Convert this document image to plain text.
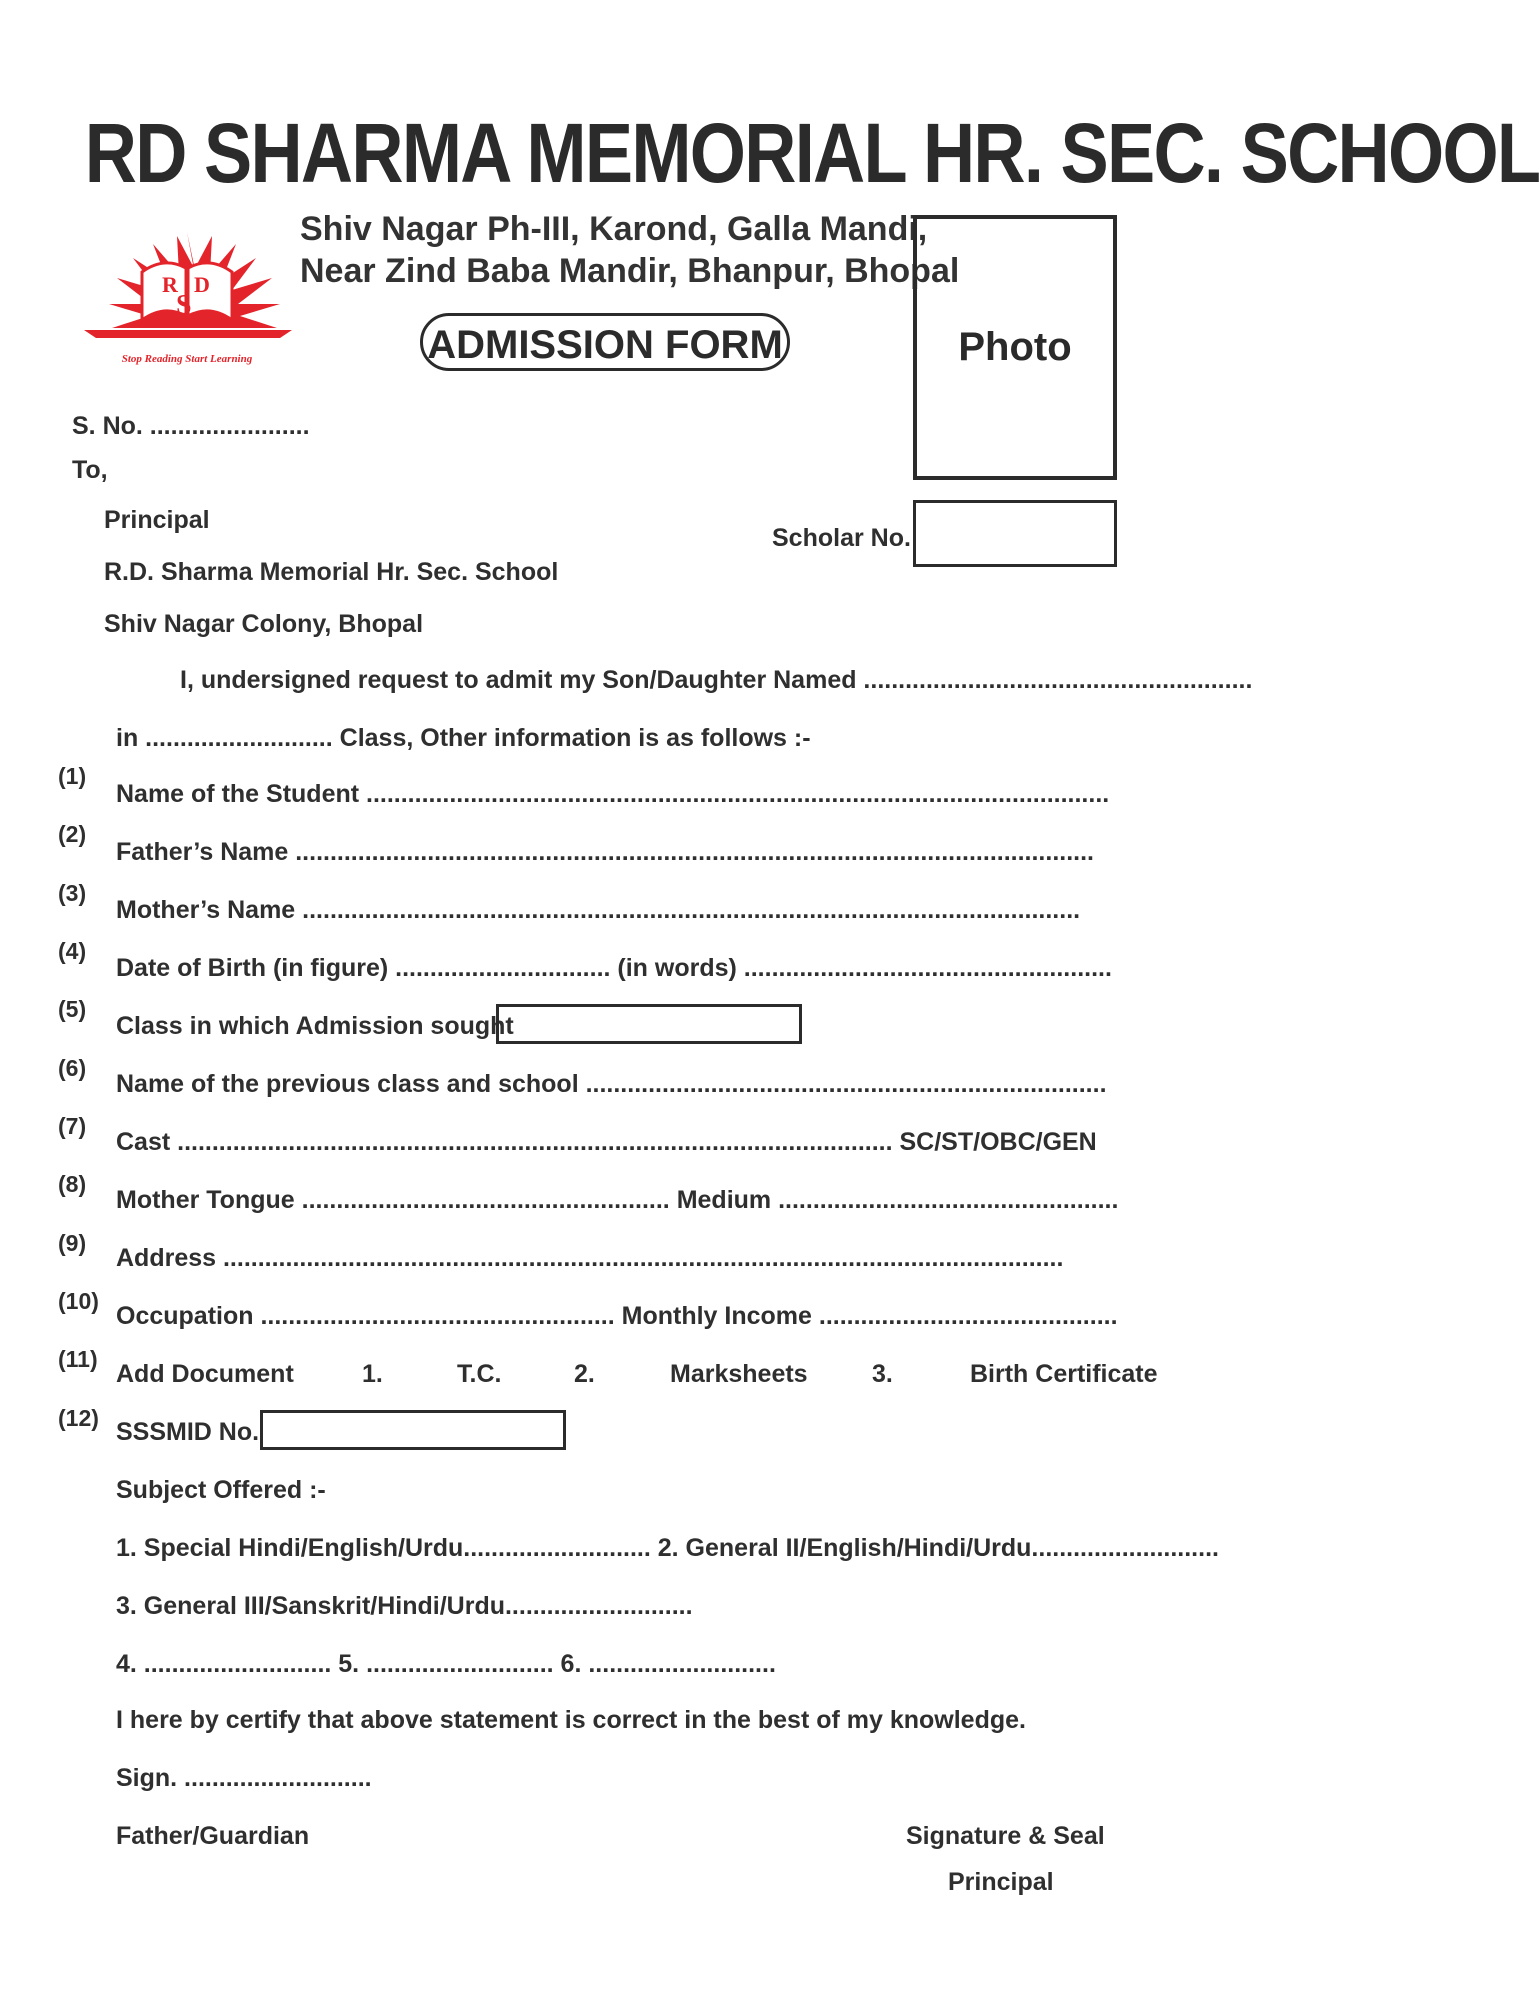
RD SHARMA MEMORIAL HR. SEC. SCHOOL
R D
S
Stop Reading Start Learning
Shiv Nagar Ph-III, Karond, Galla Mandi,
Near Zind Baba Mandir, Bhanpur, Bhopal
ADMISSION FORM	Photo
S. No. .......................
To,
Principal
R.D. Sharma Memorial Hr. Sec. School
Shiv Nagar Colony, Bhopal
Scholar No.
I, undersigned request to admit my Son/Daughter Named ........................................................
in ........................... Class, Other information is as follows :-
(1)
Name of the Student ...........................................................................................................
(2)
Father’s Name ...................................................................................................................
(3)
Mother’s Name ................................................................................................................
(4)
Date of Birth (in figure) ............................... (in words) .....................................................
(5)
Class in which Admission sought
(6)
Name of the previous class and school ...........................................................................
(7)
Cast ....................................................................................................... SC/ST/OBC/GEN
(8)
Mother Tongue ..................................................... Medium .................................................
(9)
Address .........................................................................................................................
(10)
Occupation ................................................... Monthly Income ...........................................
(11)
Add Document	1.	T.C.	2.	Marksheets	3.	Birth Certificate
(12) SSSMID No.
Subject Offered :-
1. Special Hindi/English/Urdu........................... 2. General II/English/Hindi/Urdu...........................
3. General III/Sanskrit/Hindi/Urdu...........................
4. ........................... 5. ........................... 6. ...........................
I here by certify that above statement is correct in the best of my knowledge.
Sign. ...........................
Father/Guardian	Signature & Seal
Principal
